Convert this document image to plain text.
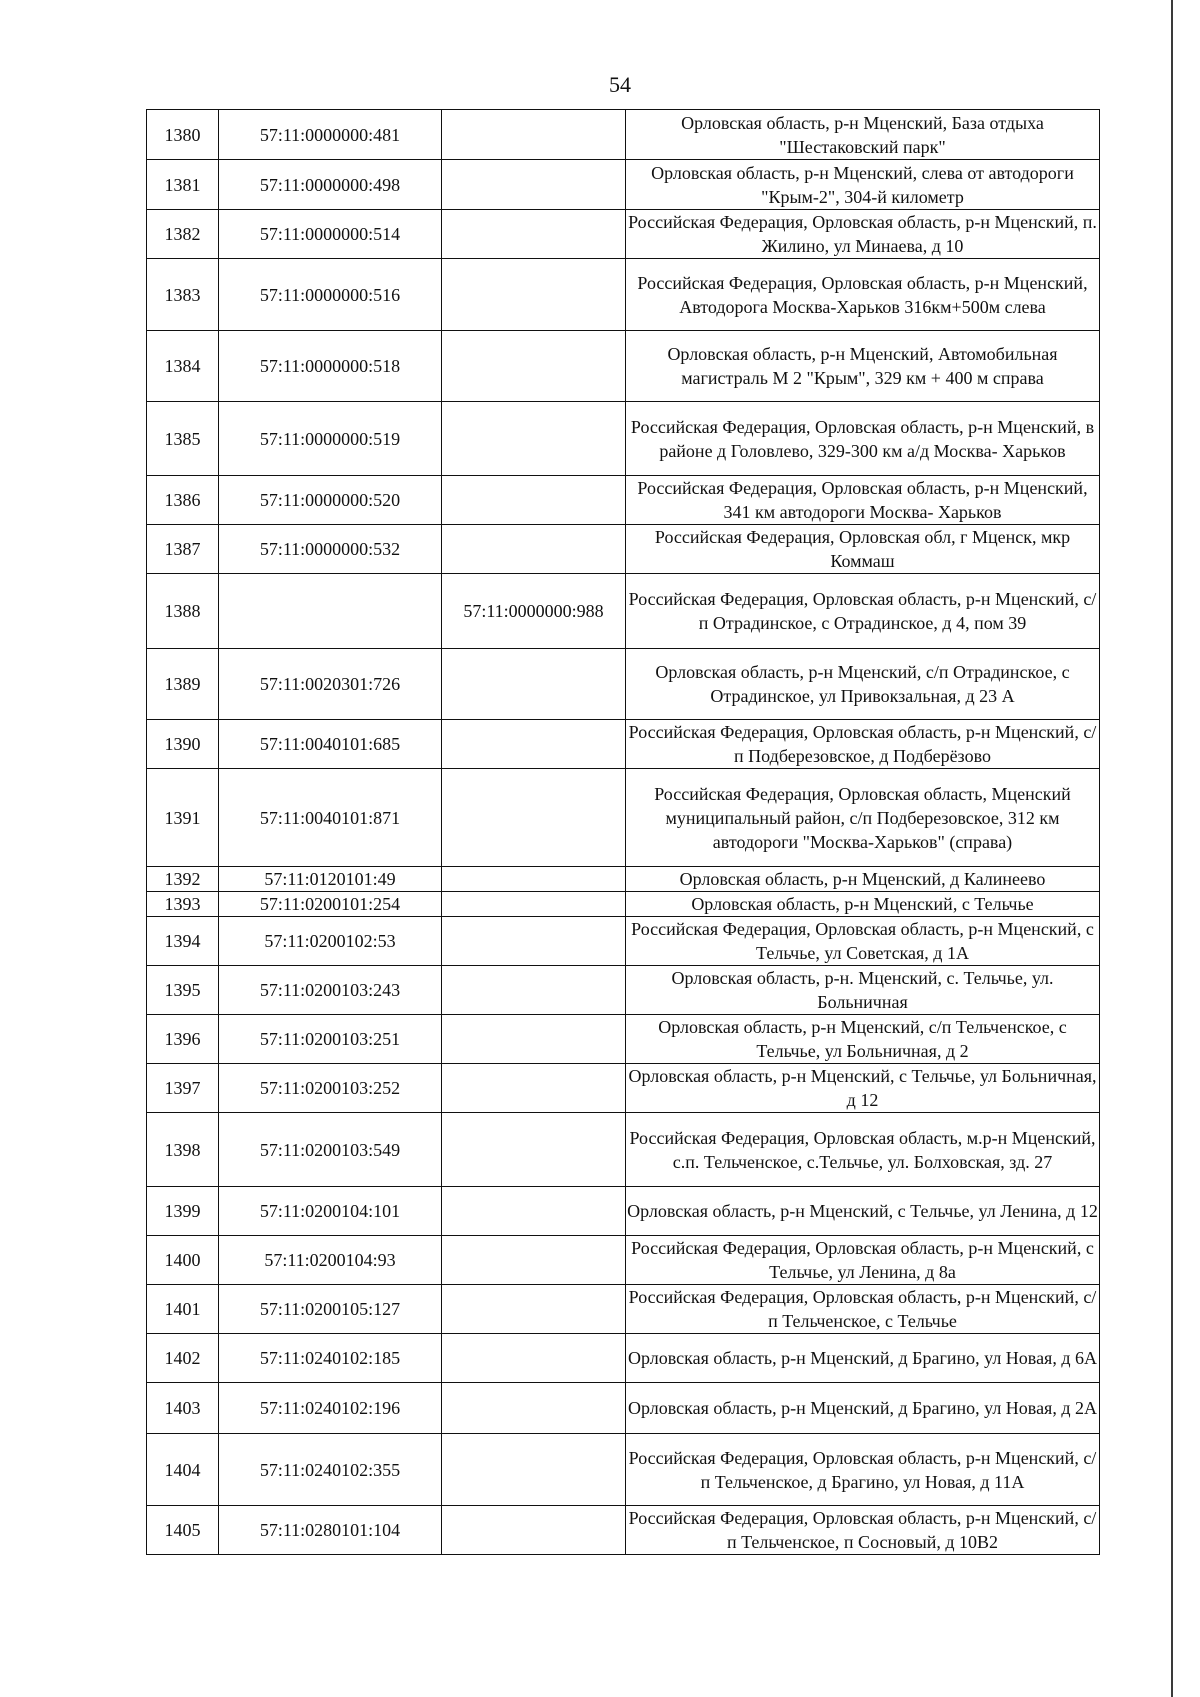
54
1380	57:11:0000000:481		Орловская область, р-н Мценский, База отдыха "Шестаковский парк"
1381	57:11:0000000:498		Орловская область, р-н Мценский, слева от автодороги "Крым-2", 304-й километр
1382	57:11:0000000:514		Российская Федерация, Орловская область, р-н Мценский, п. Жилино, ул Минаева, д 10
1383	57:11:0000000:516		Российская Федерация, Орловская область, р-н Мценский, Автодорога Москва-Харьков 316км+500м слева
1384	57:11:0000000:518		Орловская область, р-н Мценский, Автомобильная магистраль М 2 "Крым", 329 км + 400 м справа
1385	57:11:0000000:519		Российская Федерация, Орловская область, р-н Мценский, в районе д Головлево, 329-300 км а/д Москва- Харьков
1386	57:11:0000000:520		Российская Федерация, Орловская область, р-н Мценский, 341 км автодороги Москва- Харьков
1387	57:11:0000000:532		Российская Федерация, Орловская обл, г Мценск, мкр Коммаш
1388		57:11:0000000:988	Российская Федерация, Орловская область, р-н Мценский, с/п Отрадинское, с Отрадинское, д 4, пом 39
1389	57:11:0020301:726		Орловская область, р-н Мценский, с/п Отрадинское, с Отрадинское, ул Привокзальная, д 23 А
1390	57:11:0040101:685		Российская Федерация, Орловская область, р-н Мценский, с/п Подберезовское, д Подберёзово
1391	57:11:0040101:871		Российская Федерация, Орловская область, Мценский муниципальный район, с/п Подберезовское, 312 км автодороги "Москва-Харьков" (справа)
1392	57:11:0120101:49		Орловская область, р-н Мценский, д Калинеево
1393	57:11:0200101:254		Орловская область, р-н Мценский, с Тельчье
1394	57:11:0200102:53		Российская Федерация, Орловская область, р-н Мценский, с Тельчье, ул Советская, д 1А
1395	57:11:0200103:243		Орловская область, р-н. Мценский, с. Тельчье, ул. Больничная
1396	57:11:0200103:251		Орловская область, р-н Мценский, с/п Тельченское, с Тельчье, ул Больничная, д 2
1397	57:11:0200103:252		Орловская область, р-н Мценский, с Тельчье, ул Больничная, д 12
1398	57:11:0200103:549		Российская Федерация, Орловская область, м.р-н Мценский, с.п. Тельченское, с.Тельчье, ул. Болховская, зд. 27
1399	57:11:0200104:101		Орловская область, р-н Мценский, с Тельчье, ул Ленина, д 12
1400	57:11:0200104:93		Российская Федерация, Орловская область, р-н Мценский, с Тельчье, ул Ленина, д 8а
1401	57:11:0200105:127		Российская Федерация, Орловская область, р-н Мценский, с/п Тельченское, с Тельчье
1402	57:11:0240102:185		Орловская область, р-н Мценский, д Брагино, ул Новая, д 6А
1403	57:11:0240102:196		Орловская область, р-н Мценский, д Брагино, ул Новая, д 2А
1404	57:11:0240102:355		Российская Федерация, Орловская область, р-н Мценский, с/п Тельченское, д Брагино, ул Новая, д 11А
1405	57:11:0280101:104		Российская Федерация, Орловская область, р-н Мценский, с/п Тельченское, п Сосновый, д 10В2
